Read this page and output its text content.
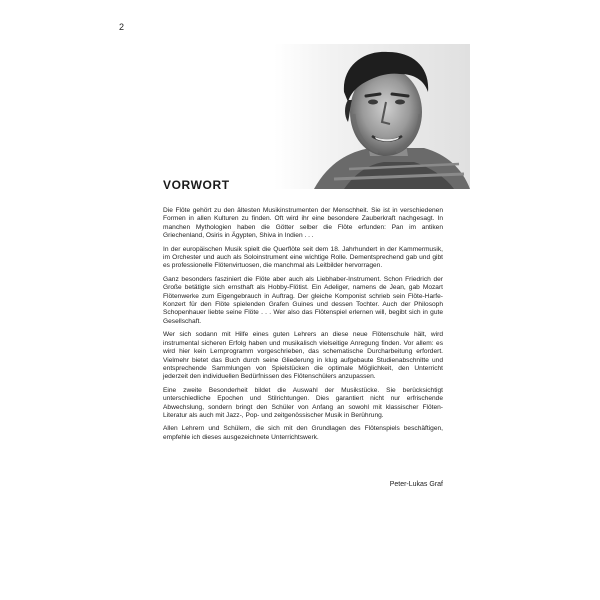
2
VORWORT

Die Flöte gehört zu den ältesten Musikinstrumenten der Menschheit. Sie ist in verschiedenen Formen in allen Kulturen zu finden. Oft wird ihr eine besondere Zauberkraft nachgesagt. In manchen Mythologien haben die Götter selber die Flöte erfunden: Pan im antiken Griechenland, Osiris in Ägypten, Shiva in Indien . . .

In der europäischen Musik spielt die Querflöte seit dem 18. Jahrhundert in der Kammermusik, im Orchester und auch als Soloinstrument eine wichtige Rolle. Dementsprechend gab und gibt es professionelle Flötenvirtuosen, die manchmal als Leitbilder hervorragen.

Ganz besonders fasziniert die Flöte aber auch als Liebhaber-Instrument. Schon Friedrich der Große betätigte sich ernsthaft als Hobby-Flötist. Ein Adeliger, namens de Jean, gab Mozart Flötenwerke zum Eigengebrauch in Auftrag. Der gleiche Komponist schrieb sein Flöte-Harfe-Konzert für den Flöte spielenden Grafen Guines und dessen Tochter. Auch der Philosoph Schopenhauer liebte seine Flöte . . . Wer also das Flötenspiel erlernen will, begibt sich in gute Gesellschaft.

Wer sich sodann mit Hilfe eines guten Lehrers an diese neue Flötenschule hält, wird instrumental sicheren Erfolg haben und musikalisch vielseitige Anregung finden. Vor allem: es wird hier kein Lernprogramm vorgeschrieben, das schematische Durcharbeitung erfordert. Vielmehr bietet das Buch durch seine Gliederung in klug aufgebaute Studienabschnitte und entsprechende Sammlungen von Spielstücken die optimale Möglichkeit, den Unterricht jederzeit den individuellen Bedürfnissen des Flötenschülers anzupassen.

Eine zweite Besonderheit bildet die Auswahl der Musikstücke. Sie berücksichtigt unterschiedliche Epochen und Stilrichtungen. Dies garantiert nicht nur erfrischende Abwechslung, sondern bringt den Schüler von Anfang an sowohl mit klassischer Flöten-Literatur als auch mit Jazz-, Pop- und zeitgenössischer Musik in Berührung.

Allen Lehrern und Schülern, die sich mit den Grundlagen des Flötenspiels beschäftigen, empfehle ich dieses ausgezeichnete Unterrichtswerk.

Peter-Lukas Graf
